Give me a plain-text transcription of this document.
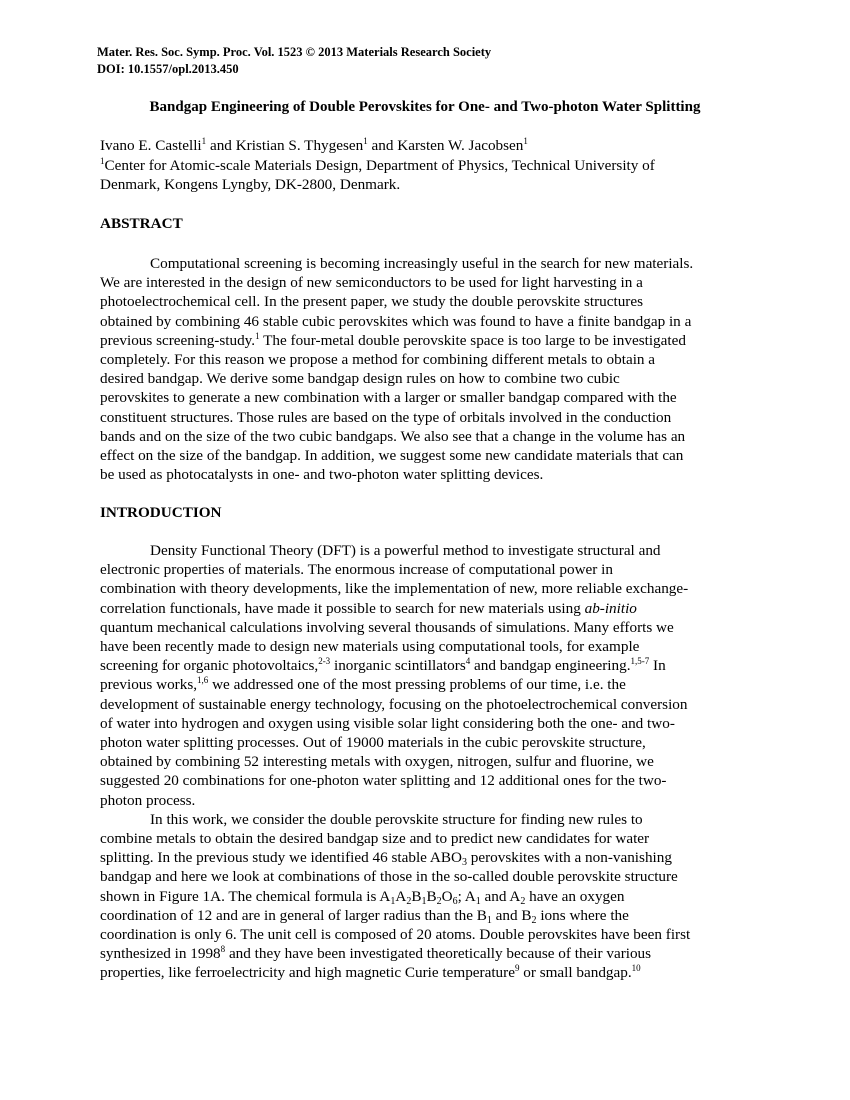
Mater. Res. Soc. Symp. Proc. Vol. 1523 © 2013 Materials Research Society
DOI: 10.1557/opl.2013.450
Bandgap Engineering of Double Perovskites for One- and Two-photon Water Splitting
Ivano E. Castelli$^1$ and Kristian S. Thygesen$^1$ and Karsten W. Jacobsen$^1$
$^1$Center for Atomic-scale Materials Design, Department of Physics, Technical University of
Denmark, Kongens Lyngby, DK-2800, Denmark.
ABSTRACT
Computational screening is becoming increasingly useful in the search for new materials.
We are interested in the design of new semiconductors to be used for light harvesting in a
photoelectrochemical cell. In the present paper, we study the double perovskite structures
obtained by combining 46 stable cubic perovskites which was found to have a finite bandgap in a
previous screening-study.$^1$ The four-metal double perovskite space is too large to be investigated
completely. For this reason we propose a method for combining different metals to obtain a
desired bandgap. We derive some bandgap design rules on how to combine two cubic
perovskites to generate a new combination with a larger or smaller bandgap compared with the
constituent structures. Those rules are based on the type of orbitals involved in the conduction
bands and on the size of the two cubic bandgaps. We also see that a change in the volume has an
effect on the size of the bandgap. In addition, we suggest some new candidate materials that can
be used as photocatalysts in one- and two-photon water splitting devices.
INTRODUCTION
Density Functional Theory (DFT) is a powerful method to investigate structural and
electronic properties of materials. The enormous increase of computational power in
combination with theory developments, like the implementation of new, more reliable exchange-
correlation functionals, have made it possible to search for new materials using ab-initio
quantum mechanical calculations involving several thousands of simulations. Many efforts we
have been recently made to design new materials using computational tools, for example
screening for organic photovoltaics,$^{2-3}$ inorganic scintillators$^4$ and bandgap engineering.$^{1,5-7}$ In
previous works,$^{1,6}$ we addressed one of the most pressing problems of our time, i.e. the
development of sustainable energy technology, focusing on the photoelectrochemical conversion
of water into hydrogen and oxygen using visible solar light considering both the one- and two-
photon water splitting processes. Out of 19000 materials in the cubic perovskite structure,
obtained by combining 52 interesting metals with oxygen, nitrogen, sulfur and fluorine, we
suggested 20 combinations for one-photon water splitting and 12 additional ones for the two-
photon process.
In this work, we consider the double perovskite structure for finding new rules to
combine metals to obtain the desired bandgap size and to predict new candidates for water
splitting. In the previous study we identified 46 stable $ABO_3$ perovskites with a non-vanishing
bandgap and here we look at combinations of those in the so-called double perovskite structure
shown in Figure 1A. The chemical formula is $A_1A_2B_1B_2O_6$; $A_1$ and $A_2$ have an oxygen
coordination of 12 and are in general of larger radius than the $B_1$ and $B_2$ ions where the
coordination is only 6. The unit cell is composed of 20 atoms. Double perovskites have been first
synthesized in 1998$^8$ and they have been investigated theoretically because of their various
properties, like ferroelectricity and high magnetic Curie temperature$^9$ or small bandgap.$^{10}$
